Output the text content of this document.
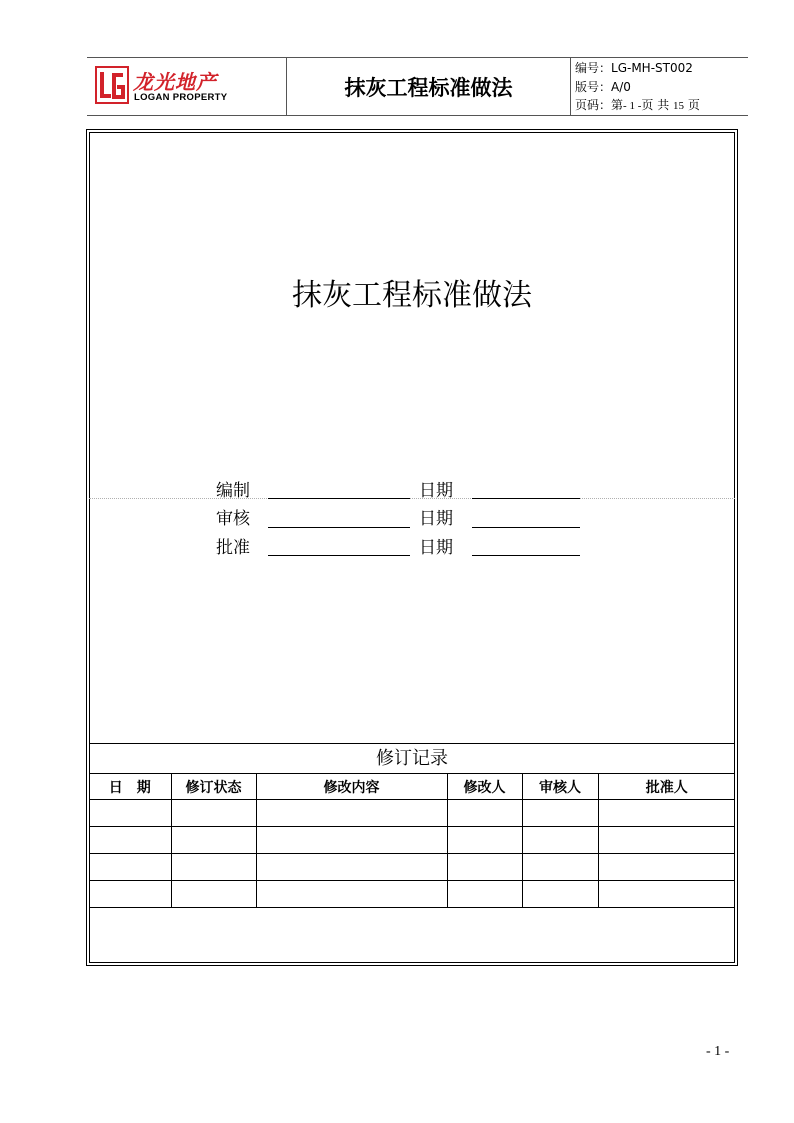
龙光地产
LOGAN PROPERTY	抹灰工程标准做法
编号：LG-MH-ST002
版号：A/0
页码：第- 1 -页 共 15 页
抹灰工程标准做法
编制	日期
审核	日期
批准	日期
修订记录
日　期	修订状态	修改内容	修改人	审核人	批准人

- 1 -
